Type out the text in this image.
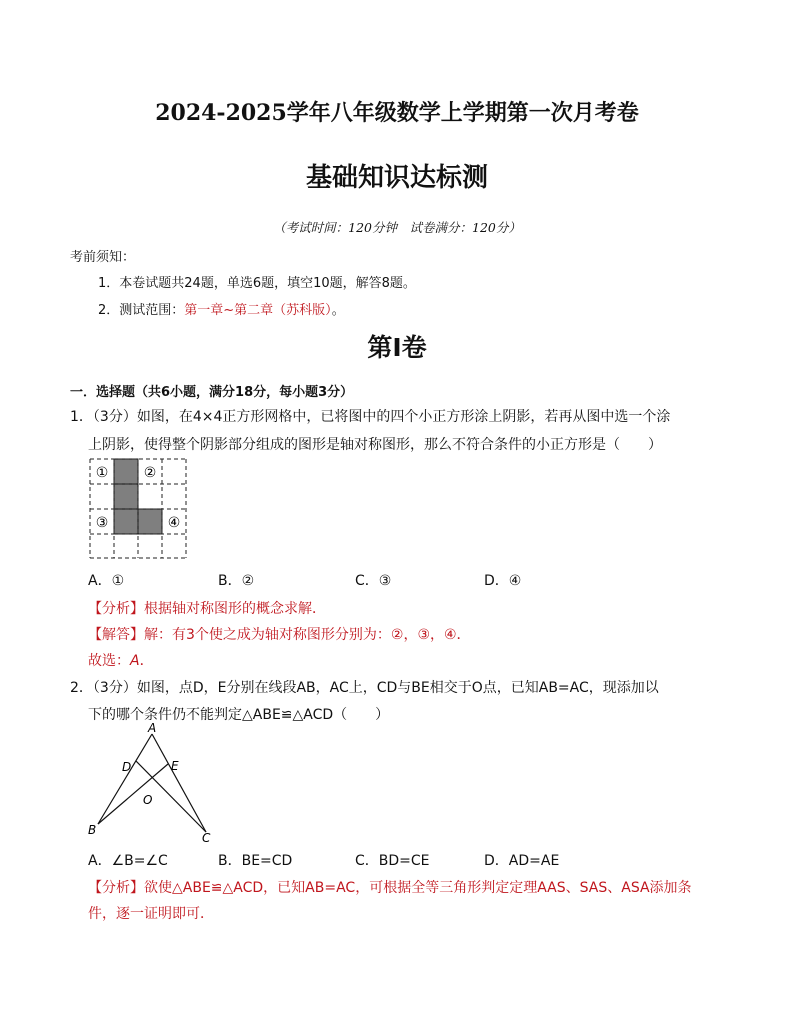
2024-2025学年八年级数学上学期第一次月考卷
基础知识达标测
（考试时间：120分钟　试卷满分：120分）
考前须知：
1．本卷试题共24题，单选6题，填空10题，解答8题。
2．测试范围：第一章~第二章（苏科版）。
第Ⅰ卷
一．选择题（共6小题，满分18分，每小题3分）
1．（3分）如图，在4×4正方形网格中，已将图中的四个小正方形涂上阴影，若再从图中选一个涂
上阴影，使得整个阴影部分组成的图形是轴对称图形，那么不符合条件的小正方形是（　　）
①	②
③	④
A．①	B．②	C．③	D．④
【分析】根据轴对称图形的概念求解．
【解答】解：有3个使之成为轴对称图形分别为：②，③，④．
故选：A．
2．（3分）如图，点D，E分别在线段AB，AC上，CD与BE相交于O点，已知AB=AC，现添加以
下的哪个条件仍不能判定△ABE≌△ACD（　　）
A
D	E
O
B
C
A．∠B=∠C	B．BE=CD	C．BD=CE	D．AD=AE
【分析】欲使△ABE≌△ACD，已知AB=AC，可根据全等三角形判定定理AAS、SAS、ASA添加条
件，逐一证明即可．
